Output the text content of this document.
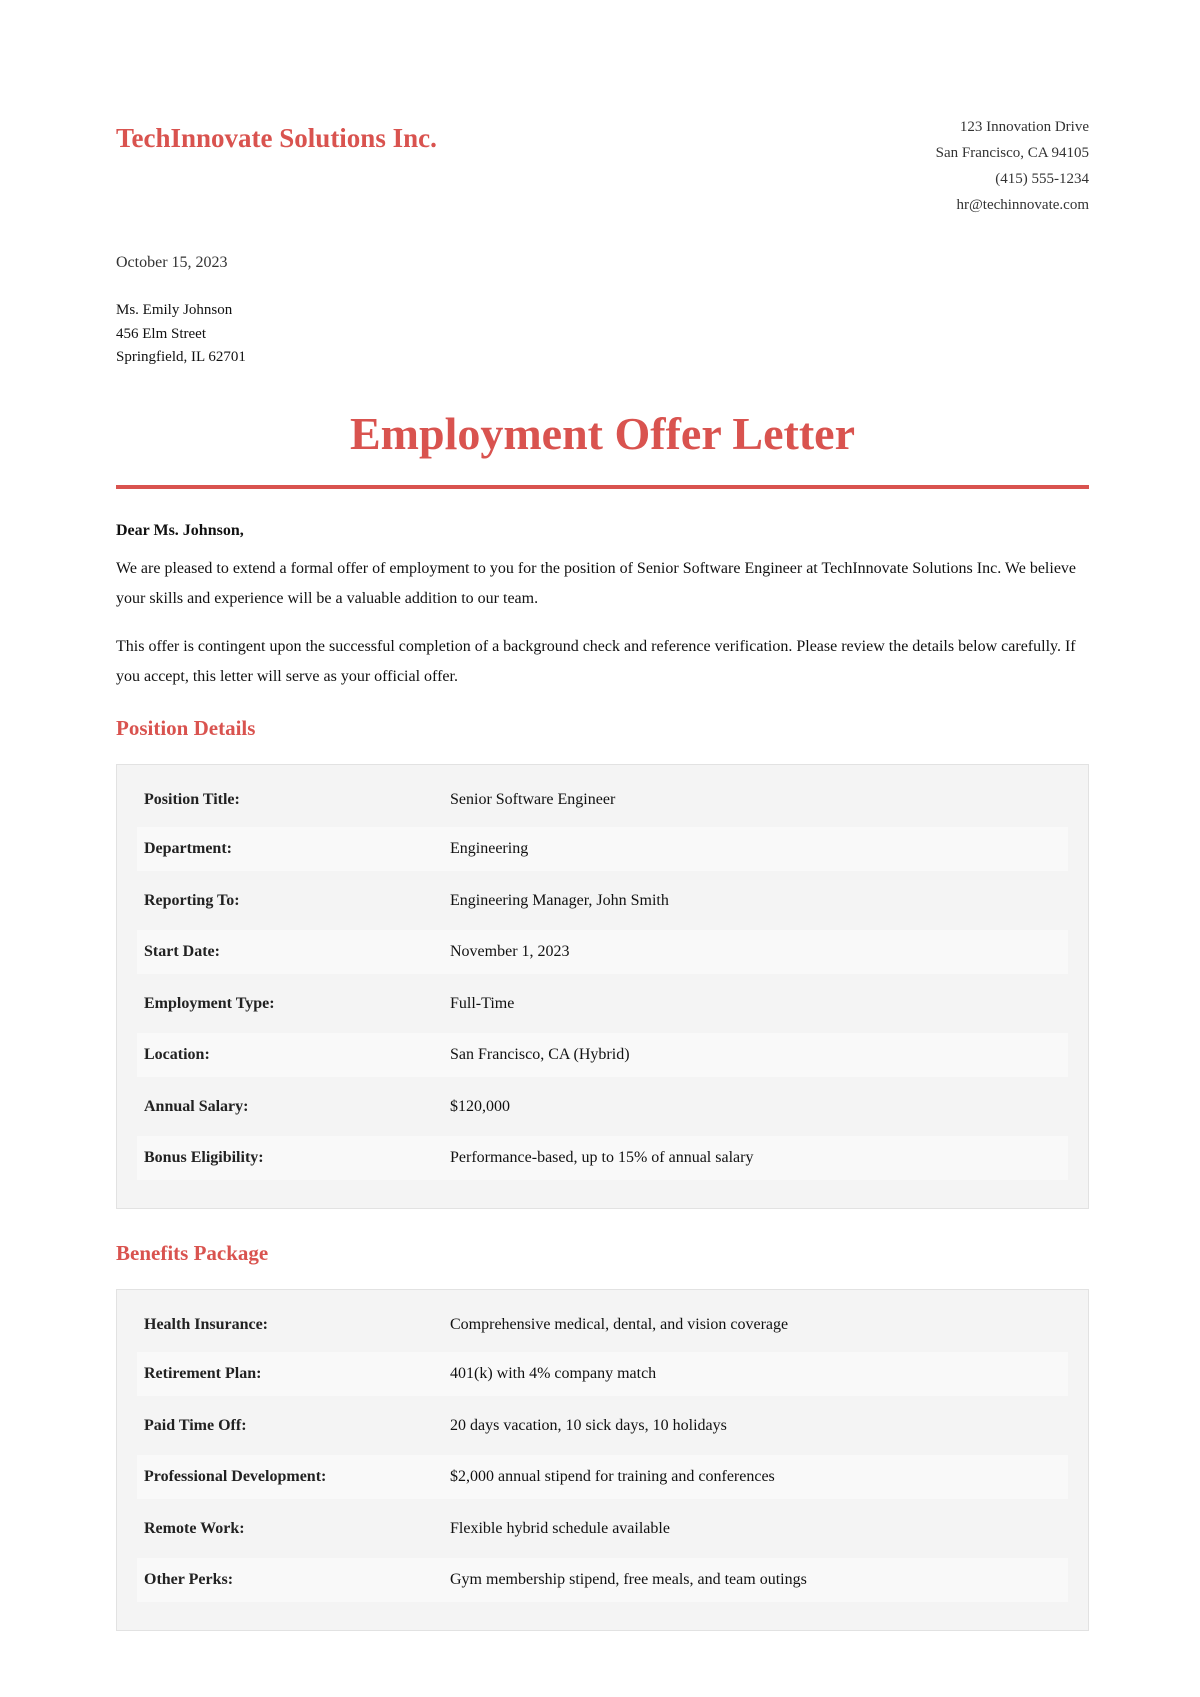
TechInnovate Solutions Inc.	123 Innovation Drive
San Francisco, CA 94105
(415) 555-1234
hr@techinnovate.com
October 15, 2023
Ms. Emily Johnson
456 Elm Street
Springfield, IL 62701
Employment Offer Letter
Dear Ms. Johnson,
We are pleased to extend a formal offer of employment to you for the position of Senior Software Engineer at TechInnovate Solutions Inc. We believe your skills and experience will be a valuable addition to our team.
This offer is contingent upon the successful completion of a background check and reference verification. Please review the details below carefully. If you accept, this letter will serve as your official offer.
Position Details
Position Title:	Senior Software Engineer
Department:	Engineering
Reporting To:	Engineering Manager, John Smith
Start Date:	November 1, 2023
Employment Type:	Full-Time
Location:	San Francisco, CA (Hybrid)
Annual Salary:	$120,000
Bonus Eligibility:	Performance-based, up to 15% of annual salary
Benefits Package
Health Insurance:	Comprehensive medical, dental, and vision coverage
Retirement Plan:	401(k) with 4% company match
Paid Time Off:	20 days vacation, 10 sick days, 10 holidays
Professional Development:	$2,000 annual stipend for training and conferences
Remote Work:	Flexible hybrid schedule available
Other Perks:	Gym membership stipend, free meals, and team outings
